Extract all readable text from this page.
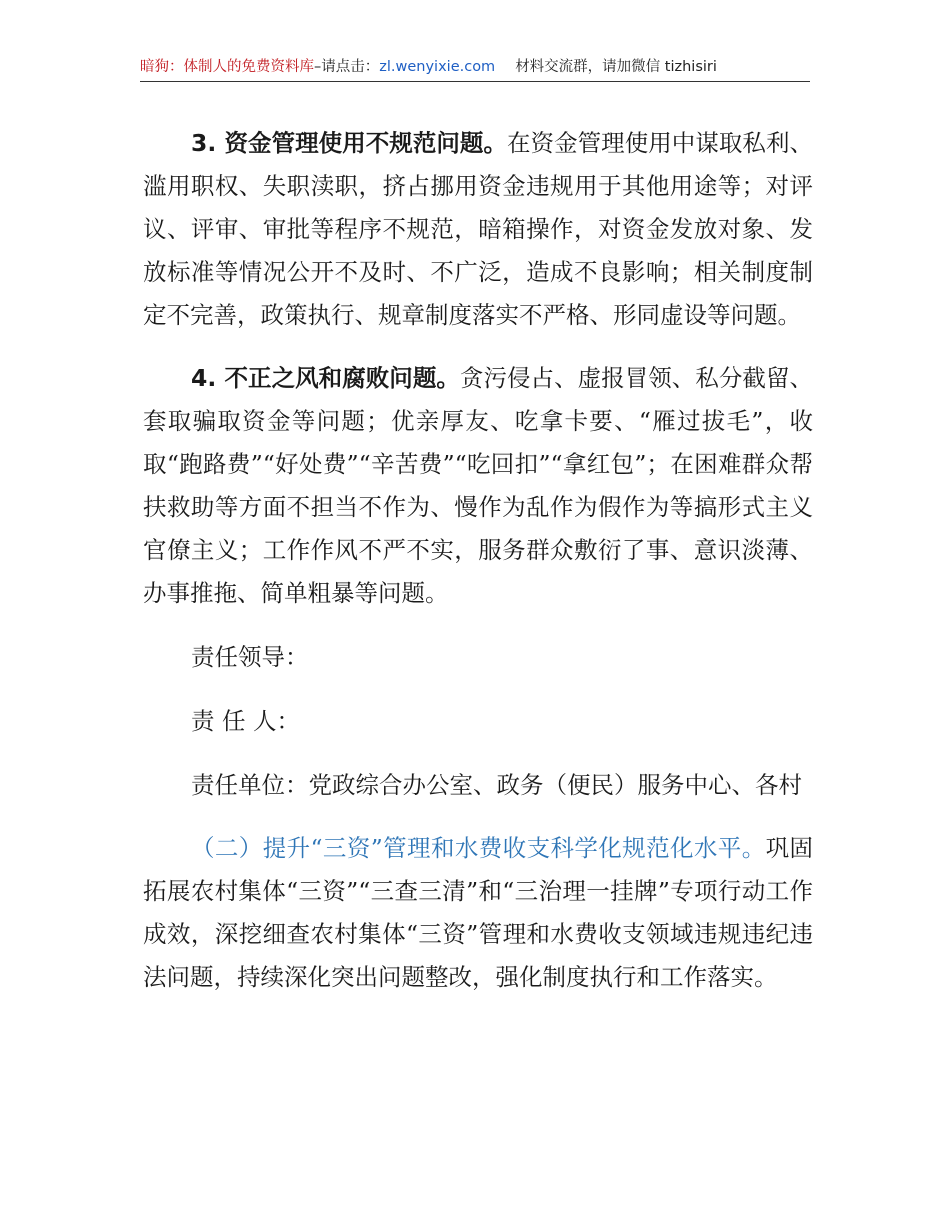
暗狗：体制人的免费资料库–请点击：zl.wenyixie.com 材料交流群，请加微信 tizhisiri

3. 资金管理使用不规范问题。在资金管理使用中谋取私利、滥用职权、失职渎职，挤占挪用资金违规用于其他用途等；对评议、评审、审批等程序不规范，暗箱操作，对资金发放对象、发放标准等情况公开不及时、不广泛，造成不良影响；相关制度制定不完善，政策执行、规章制度落实不严格、形同虚设等问题。

4. 不正之风和腐败问题。贪污侵占、虚报冒领、私分截留、套取骗取资金等问题；优亲厚友、吃拿卡要、“雁过拔毛”，收取“跑路费”“好处费”“辛苦费”“吃回扣”“拿红包”；在困难群众帮扶救助等方面不担当不作为、慢作为乱作为假作为等搞形式主义官僚主义；工作作风不严不实，服务群众敷衍了事、意识淡薄、办事推拖、简单粗暴等问题。

责任领导：

责 任 人：

责任单位：党政综合办公室、政务（便民）服务中心、各村

（二）提升“三资”管理和水费收支科学化规范化水平。巩固拓展农村集体“三资”“三查三清”和“三治理一挂牌”专项行动工作成效，深挖细查农村集体“三资”管理和水费收支领域违规违纪违法问题，持续深化突出问题整改，强化制度执行和工作落实。
